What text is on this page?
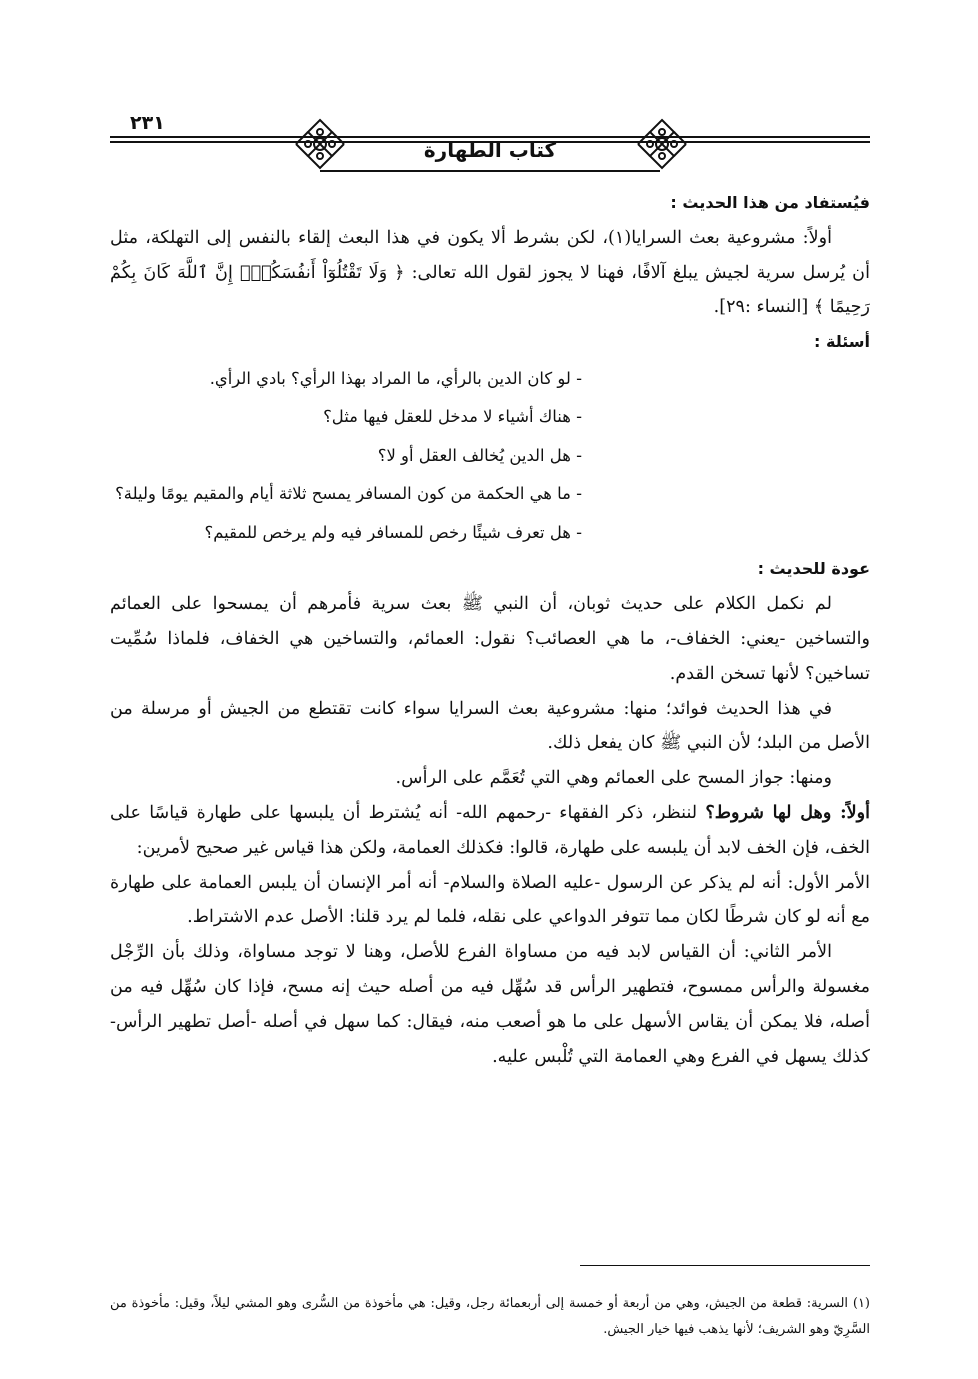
٢٣١
كتاب الطهارة

فيُستفاد من هذا الحديث :

أولاً: مشروعية بعث السرايا(١)، لكن بشرط ألا يكون في هذا البعث إلقاء بالنفس إلى التهلكة، مثل أن يُرسل سرية لجيش يبلغ آلافًا، فهنا لا يجوز لقول الله تعالى: ﴿ وَلَا تَقْتُلُوٓاْ أَنفُسَكُمْۚ إِنَّ ٱللَّهَ كَانَ بِكُمْ رَحِيمًا ﴾ [النساء :٢٩].

أسئلة :

- لو كان الدين بالرأي، ما المراد بهذا الرأي؟ بادي الرأي.

- هناك أشياء لا مدخل للعقل فيها مثل؟

- هل الدين يُخالف العقل أو لا؟

- ما هي الحكمة من كون المسافر يمسح ثلاثة أيام والمقيم يومًا وليلة؟

- هل تعرف شيئًا رخص للمسافر فيه ولم يرخص للمقيم؟

عودة للحديث :

لم نكمل الكلام على حديث ثوبان، أن النبي ﷺ بعث سرية فأمرهم أن يمسحوا على العمائم والتساخين -يعني: الخفاف-، ما هي العصائب؟ نقول: العمائم، والتساخين هي الخفاف، فلماذا سُمِّيت تساخين؟ لأنها تسخن القدم.

في هذا الحديث فوائد؛ منها: مشروعية بعث السرايا سواء كانت تقتطع من الجيش أو مرسلة من الأصل من البلد؛ لأن النبي ﷺ كان يفعل ذلك.

ومنها: جواز المسح على العمائم وهي التي تُعَمَّم على الرأس.

أولاً: وهل لها شروط؟ لننظر، ذكر الفقهاء -رحمهم الله- أنه يُشترط أن يلبسها على طهارة قياسًا على الخف، فإن الخف لابد أن يلبسه على طهارة، قالوا: فكذلك العمامة، ولكن هذا قياس غير صحيح لأمرين:

الأمر الأول: أنه لم يذكر عن الرسول -عليه الصلاة والسلام- أنه أمر الإنسان أن يلبس العمامة على طهارة مع أنه لو كان شرطًا لكان مما تتوفر الدواعي على نقله، فلما لم يرد قلنا: الأصل عدم الاشتراط.

الأمر الثاني: أن القياس لابد فيه من مساواة الفرع للأصل، وهنا لا توجد مساواة، وذلك بأن الرِّجْل مغسولة والرأس ممسوح، فتطهير الرأس قد سُهِّل فيه من أصله حيث إنه مسح، فإذا كان سُهِّل فيه من أصله، فلا يمكن أن يقاس الأسهل على ما هو أصعب منه، فيقال: كما سهل في أصله -أصل تطهير الرأس- كذلك يسهل في الفرع وهي العمامة التي تُلْبس عليه.

(١) السرية: قطعة من الجيش، وهي من أربعة أو خمسة إلى أربعمائة رجل، وقيل: هي مأخوذة من السُّرى وهو المشي ليلاً، وقيل: مأخوذة من السَّرِيّ وهو الشريف؛ لأنها يذهب فيها خيار الجيش.
